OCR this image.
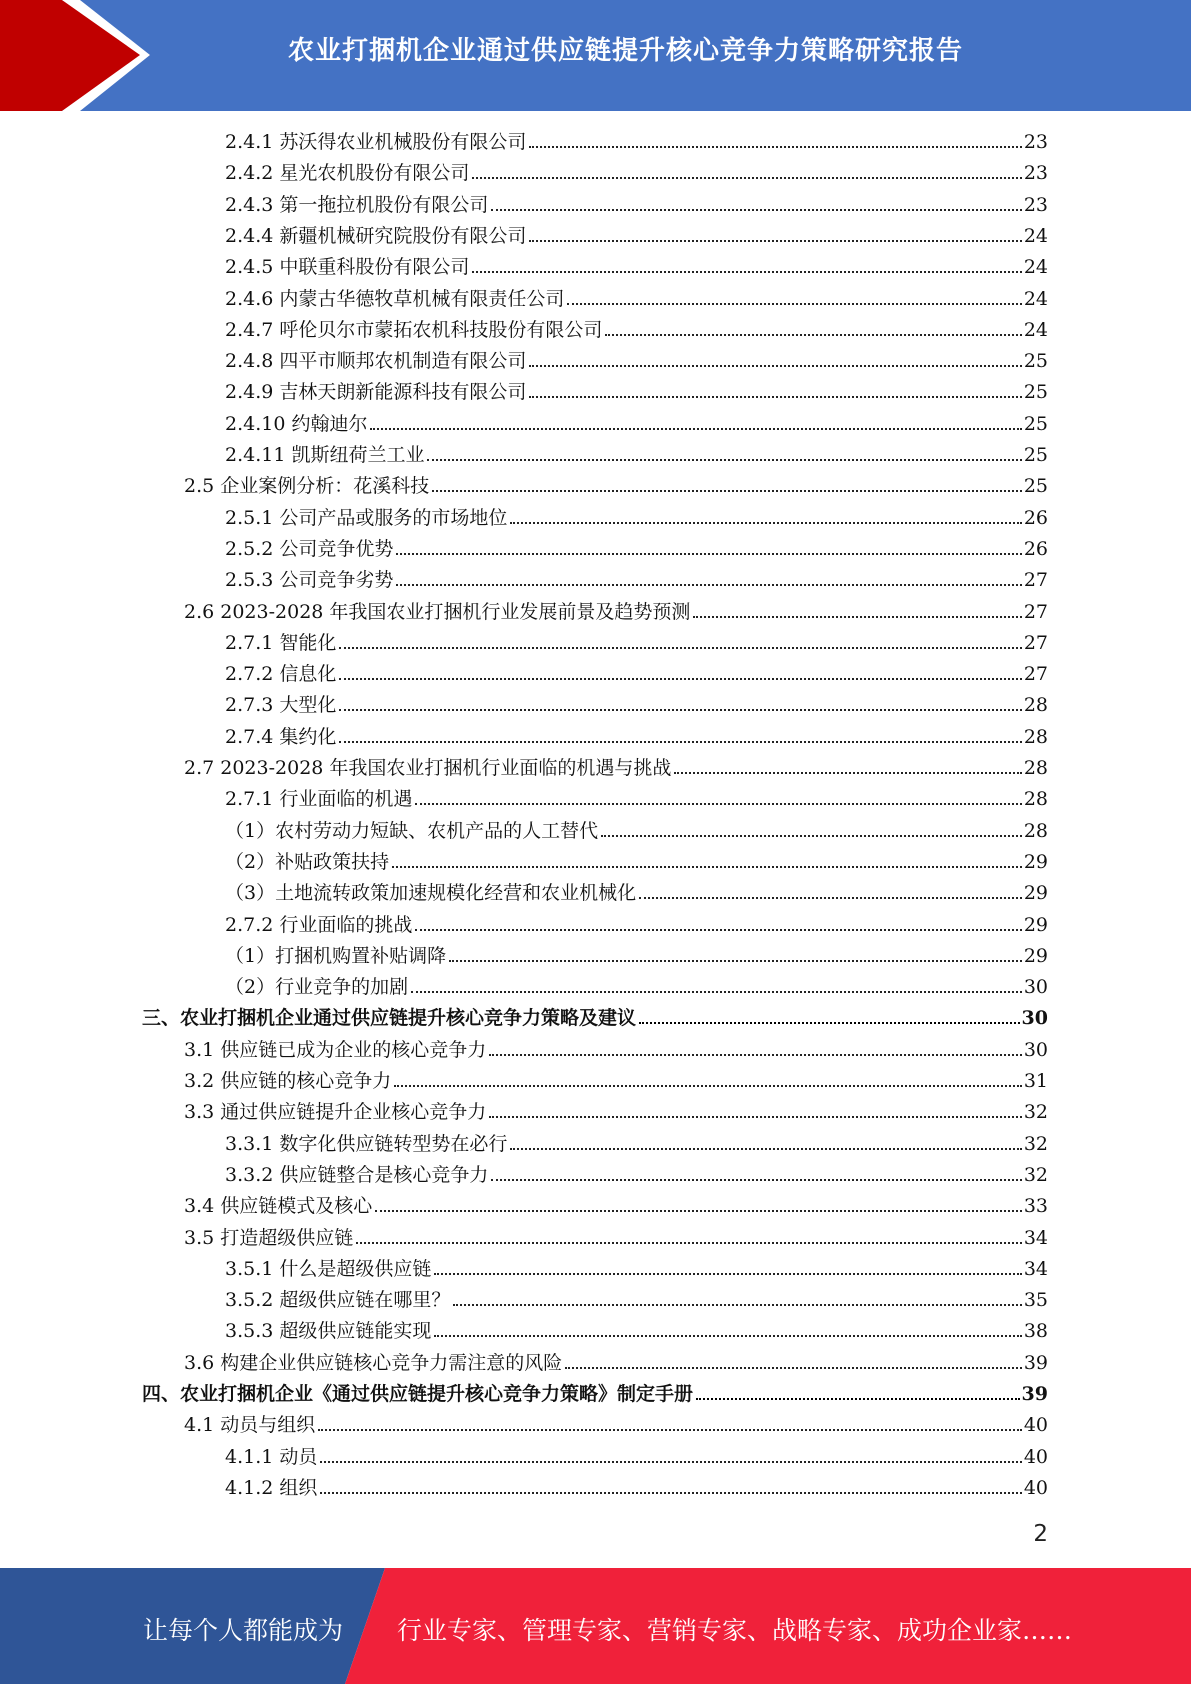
农业打捆机企业通过供应链提升核心竞争力策略研究报告
2.4.1 苏沃得农业机械股份有限公司	23
2.4.2 星光农机股份有限公司	23
2.4.3 第一拖拉机股份有限公司	23
2.4.4 新疆机械研究院股份有限公司	24
2.4.5 中联重科股份有限公司	24
2.4.6 内蒙古华德牧草机械有限责任公司	24
2.4.7 呼伦贝尔市蒙拓农机科技股份有限公司	24
2.4.8 四平市顺邦农机制造有限公司	25
2.4.9 吉林天朗新能源科技有限公司	25
2.4.10 约翰迪尔	25
2.4.11 凯斯纽荷兰工业	25
2.5 企业案例分析：花溪科技	25
2.5.1 公司产品或服务的市场地位	26
2.5.2 公司竞争优势	26
2.5.3 公司竞争劣势	27
2.6 2023-2028 年我国农业打捆机行业发展前景及趋势预测	27
2.7.1 智能化	27
2.7.2 信息化	27
2.7.3 大型化	28
2.7.4 集约化	28
2.7 2023-2028 年我国农业打捆机行业面临的机遇与挑战	28
2.7.1 行业面临的机遇	28
（1）农村劳动力短缺、农机产品的人工替代	28
（2）补贴政策扶持	29
（3）土地流转政策加速规模化经营和农业机械化	29
2.7.2 行业面临的挑战	29
（1）打捆机购置补贴调降	29
（2）行业竞争的加剧	30
三、农业打捆机企业通过供应链提升核心竞争力策略及建议	30
3.1 供应链已成为企业的核心竞争力	30
3.2 供应链的核心竞争力	31
3.3 通过供应链提升企业核心竞争力	32
3.3.1 数字化供应链转型势在必行	32
3.3.2 供应链整合是核心竞争力	32
3.4 供应链模式及核心	33
3.5 打造超级供应链	34
3.5.1 什么是超级供应链	34
3.5.2 超级供应链在哪里？	35
3.5.3 超级供应链能实现	38
3.6 构建企业供应链核心竞争力需注意的风险	39
四、农业打捆机企业《通过供应链提升核心竞争力策略》制定手册	39
4.1 动员与组织	40
4.1.1 动员	40
4.1.2 组织	40
2
让每个人都能成为 行业专家、管理专家、营销专家、战略专家、成功企业家……
